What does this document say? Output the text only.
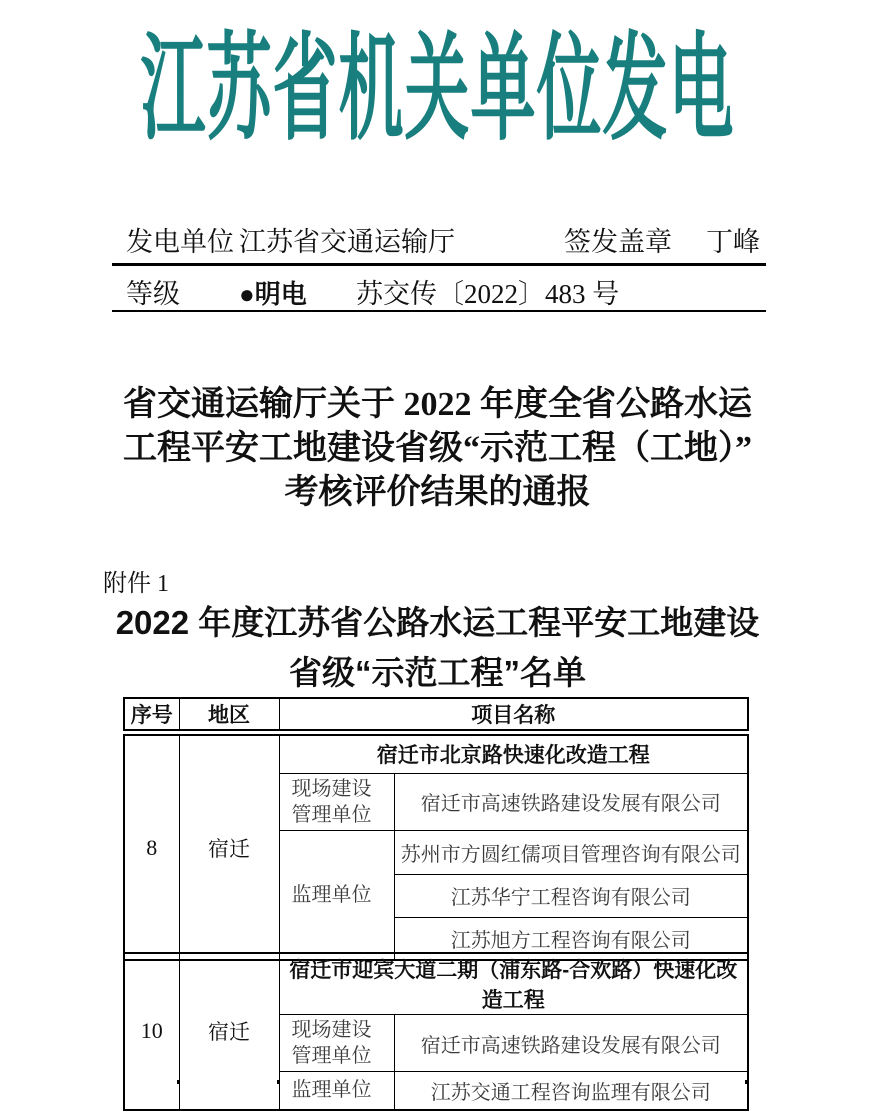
江苏省机关单位发电
发电单位 江苏省交通运输厅	签发盖章 丁峰
等级 ●明电 苏交传〔2022〕483 号
省交通运输厅关于 2022 年度全省公路水运
工程平安工地建设省级“示范工程（工地）”
考核评价结果的通报
附件 1
2022 年度江苏省公路水运工程平安工地建设
省级“示范工程”名单
序号	地区	项目名称
8	宿迁	宿迁市北京路快速化改造工程	
		现场建设管理单位	宿迁市高速铁路建设发展有限公司
		监理单位	苏州市方圆红儒项目管理咨询有限公司
			江苏华宁工程咨询有限公司
			江苏旭方工程咨询有限公司
10	宿迁	宿迁市迎宾大道二期（浦东路-合欢路）快速化改造工程	
		现场建设管理单位	宿迁市高速铁路建设发展有限公司
		监理单位	江苏交通工程咨询监理有限公司
